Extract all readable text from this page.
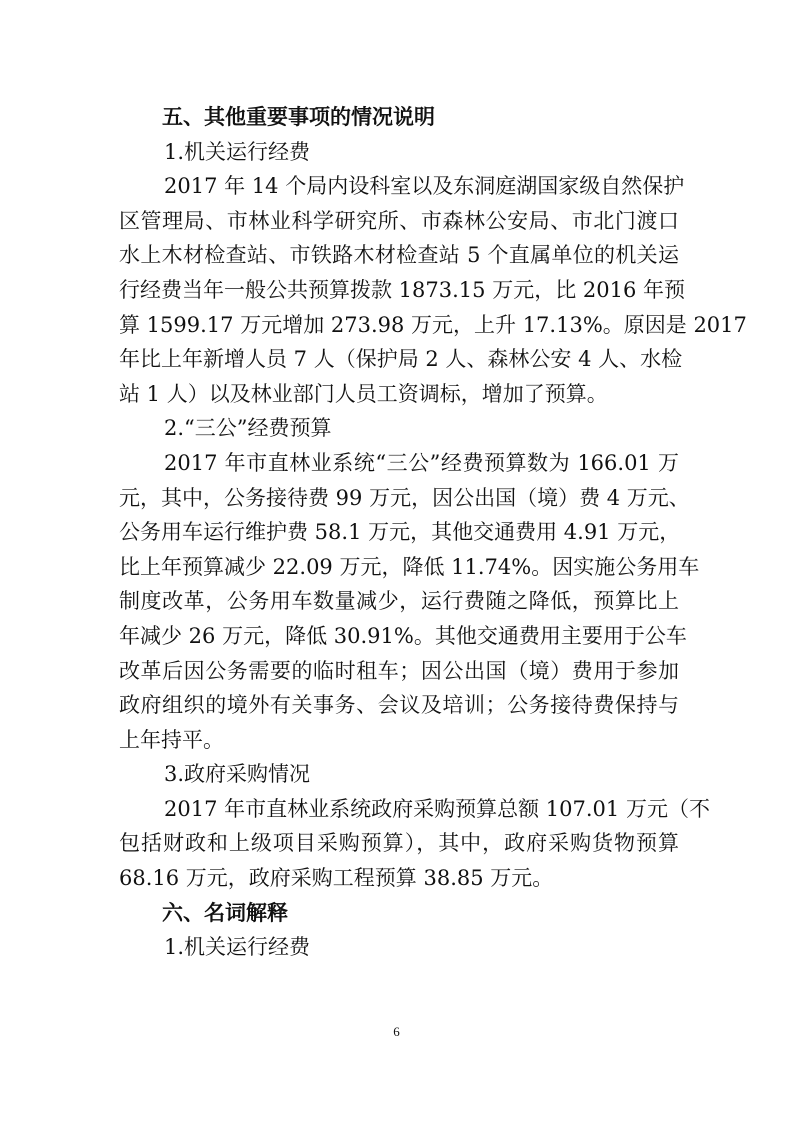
五、其他重要事项的情况说明
1.机关运行经费
2017 年 14 个局内设科室以及东洞庭湖国家级自然保护
区管理局、市林业科学研究所、市森林公安局、市北门渡口
水上木材检查站、市铁路木材检查站 5 个直属单位的机关运
行经费当年一般公共预算拨款 1873.15 万元，比 2016 年预
算 1599.17 万元增加 273.98 万元，上升 17.13%。原因是 2017
年比上年新增人员 7 人（保护局 2 人、森林公安 4 人、水检
站 1 人）以及林业部门人员工资调标，增加了预算。
2.“三公”经费预算
2017 年市直林业系统“三公”经费预算数为 166.01 万
元，其中，公务接待费 99 万元，因公出国（境）费 4 万元、
公务用车运行维护费 58.1 万元，其他交通费用 4.91 万元，
比上年预算减少 22.09 万元，降低 11.74%。因实施公务用车
制度改革，公务用车数量减少，运行费随之降低，预算比上
年减少 26 万元，降低 30.91%。其他交通费用主要用于公车
改革后因公务需要的临时租车；因公出国（境）费用于参加
政府组织的境外有关事务、会议及培训；公务接待费保持与
上年持平。
3.政府采购情况
2017 年市直林业系统政府采购预算总额 107.01 万元（不
包括财政和上级项目采购预算），其中，政府采购货物预算
68.16 万元，政府采购工程预算 38.85 万元。
六、名词解释
1.机关运行经费
6
